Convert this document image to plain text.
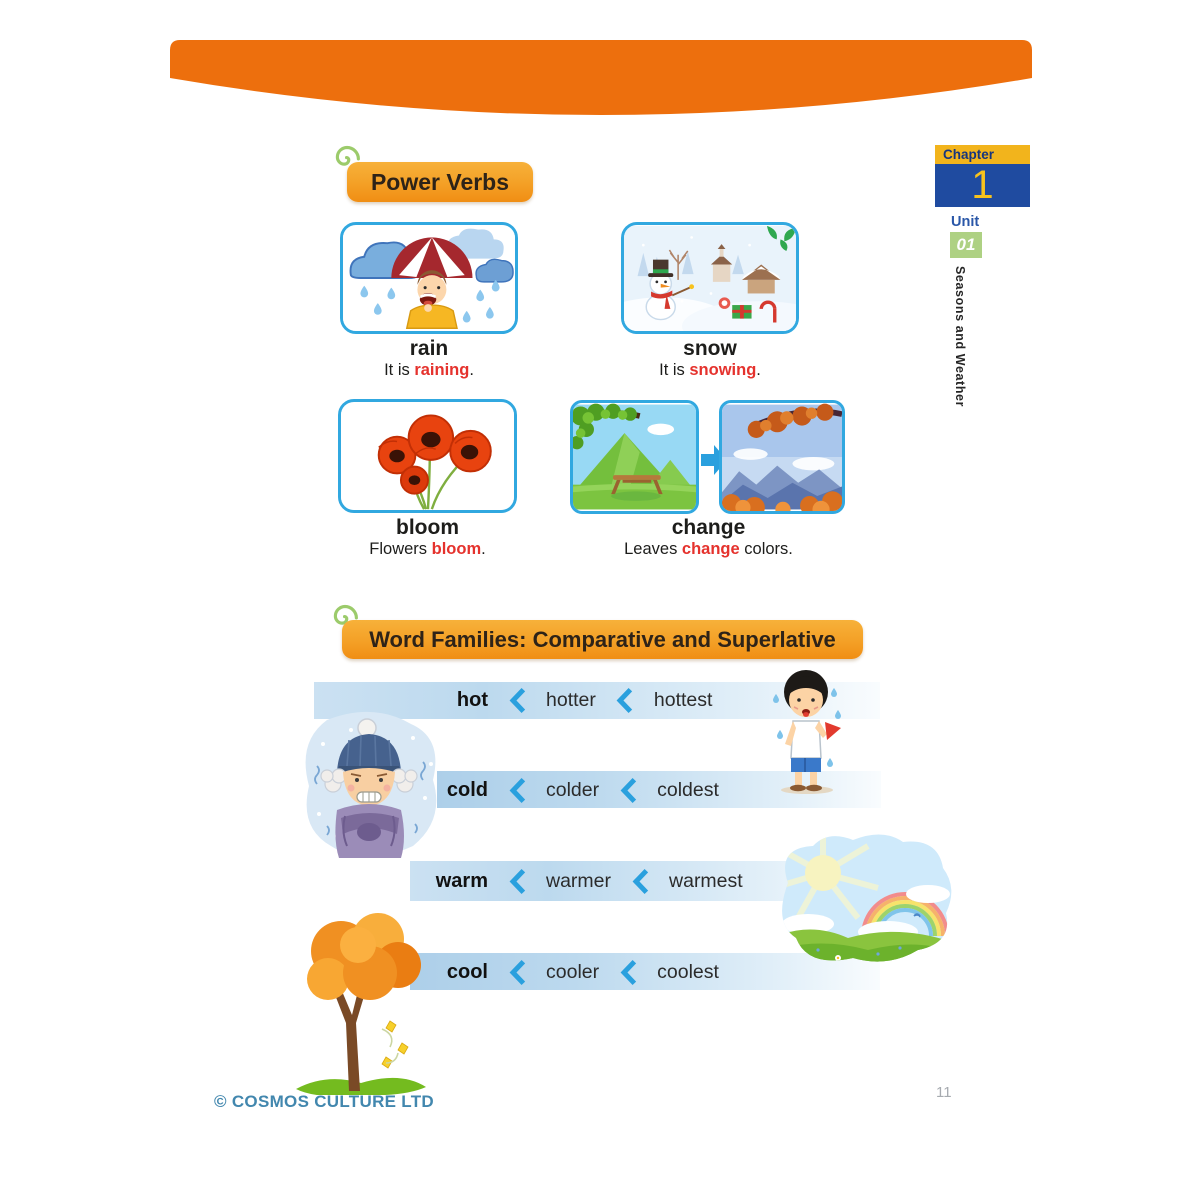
Chapter
1
Unit
01
Seasons and Weather
Power Verbs
rain
It is raining.
snow
It is snowing.
bloom
Flowers bloom.
change
Leaves change colors.
Word Families: Comparative and Superlative
hot	hotter	hottest
cold	colder	coldest
warm	warmer	warmest
cool	cooler	coolest
© COSMOS CULTURE LTD	11
